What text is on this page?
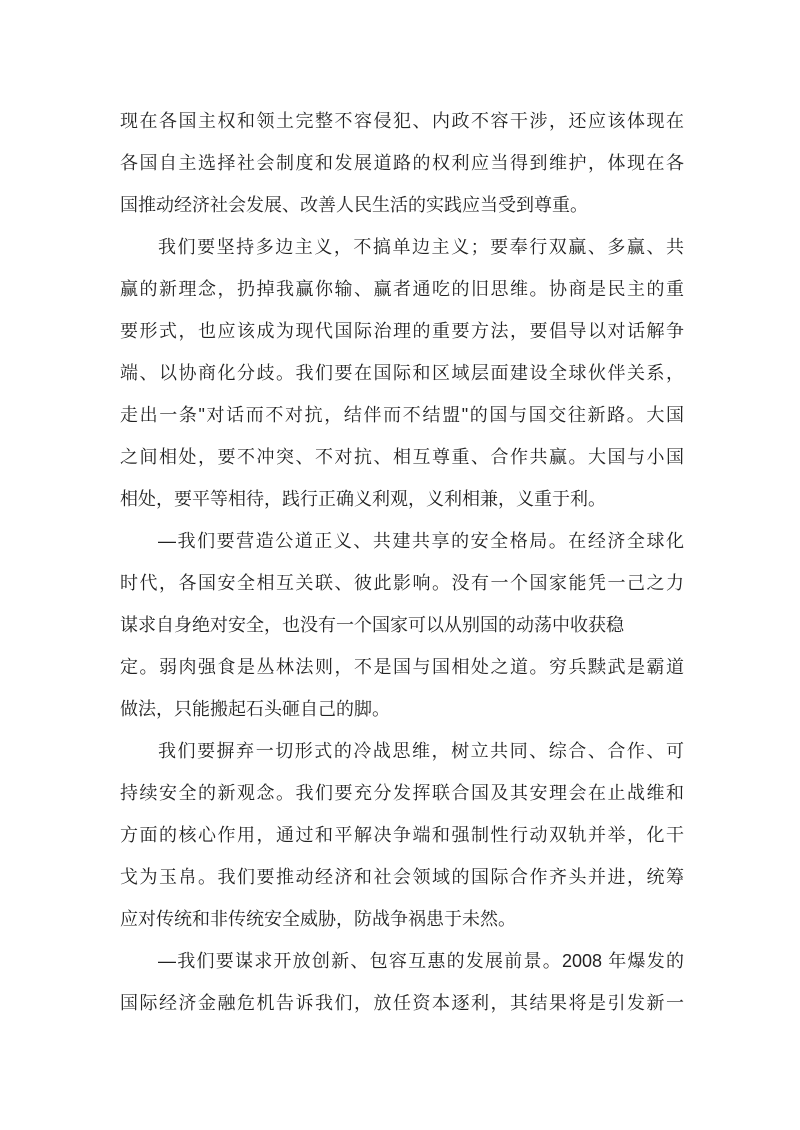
现在各国主权和领土完整不容侵犯、内政不容干涉，还应该体现在
各国自主选择社会制度和发展道路的权利应当得到维护，体现在各
国推动经济社会发展、改善人民生活的实践应当受到尊重。
我们要坚持多边主义，不搞单边主义；要奉行双赢、多赢、共
赢的新理念，扔掉我赢你输、赢者通吃的旧思维。协商是民主的重
要形式，也应该成为现代国际治理的重要方法，要倡导以对话解争
端、以协商化分歧。我们要在国际和区域层面建设全球伙伴关系，
走出一条"对话而不对抗，结伴而不结盟"的国与国交往新路。大国
之间相处，要不冲突、不对抗、相互尊重、合作共赢。大国与小国
相处，要平等相待，践行正确义利观，义利相兼，义重于利。
—我们要营造公道正义、共建共享的安全格局。在经济全球化
时代，各国安全相互关联、彼此影响。没有一个国家能凭一己之力
谋求自身绝对安全，也没有一个国家可以从别国的动荡中收获稳
定。弱肉强食是丛林法则，不是国与国相处之道。穷兵黩武是霸道
做法，只能搬起石头砸自己的脚。
我们要摒弃一切形式的冷战思维，树立共同、综合、合作、可
持续安全的新观念。我们要充分发挥联合国及其安理会在止战维和
方面的核心作用，通过和平解决争端和强制性行动双轨并举，化干
戈为玉帛。我们要推动经济和社会领域的国际合作齐头并进，统筹
应对传统和非传统安全威胁，防战争祸患于未然。
—我们要谋求开放创新、包容互惠的发展前景。2008 年爆发的
国际经济金融危机告诉我们，放任资本逐利，其结果将是引发新一
